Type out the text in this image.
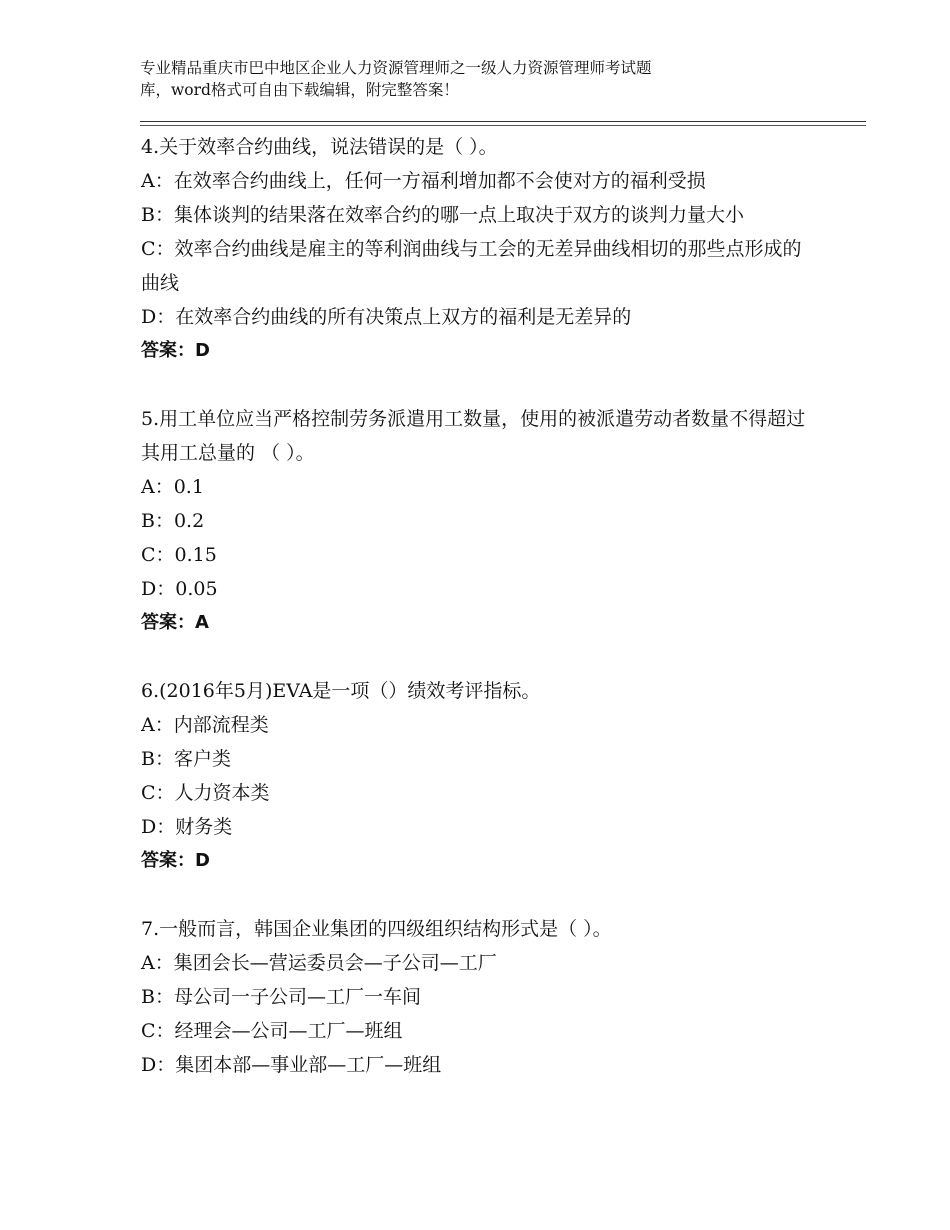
专业精品重庆市巴中地区企业人力资源管理师之一级人力资源管理师考试题
库，word格式可自由下载编辑，附完整答案！
4.关于效率合约曲线，说法错误的是（ ）。
A：在效率合约曲线上，任何一方福利增加都不会使对方的福利受损
B：集体谈判的结果落在效率合约的哪一点上取决于双方的谈判力量大小
C：效率合约曲线是雇主的等利润曲线与工会的无差异曲线相切的那些点形成的曲线
D：在效率合约曲线的所有决策点上双方的福利是无差异的
答案：D
5.用工单位应当严格控制劳务派遣用工数量，使用的被派遣劳动者数量不得超过其用工总量的 （ ）。
A：0.1
B：0.2
C：0.15
D：0.05
答案：A
6.(2016年5月)EVA是一项（）绩效考评指标。
A：内部流程类
B：客户类
C：人力资本类
D：财务类
答案：D
7.一般而言，韩国企业集团的四级组织结构形式是（ ）。
A：集团会长—营运委员会—子公司—工厂
B：母公司一子公司—工厂一车间
C：经理会—公司—工厂—班组
D：集团本部—事业部—工厂—班组
